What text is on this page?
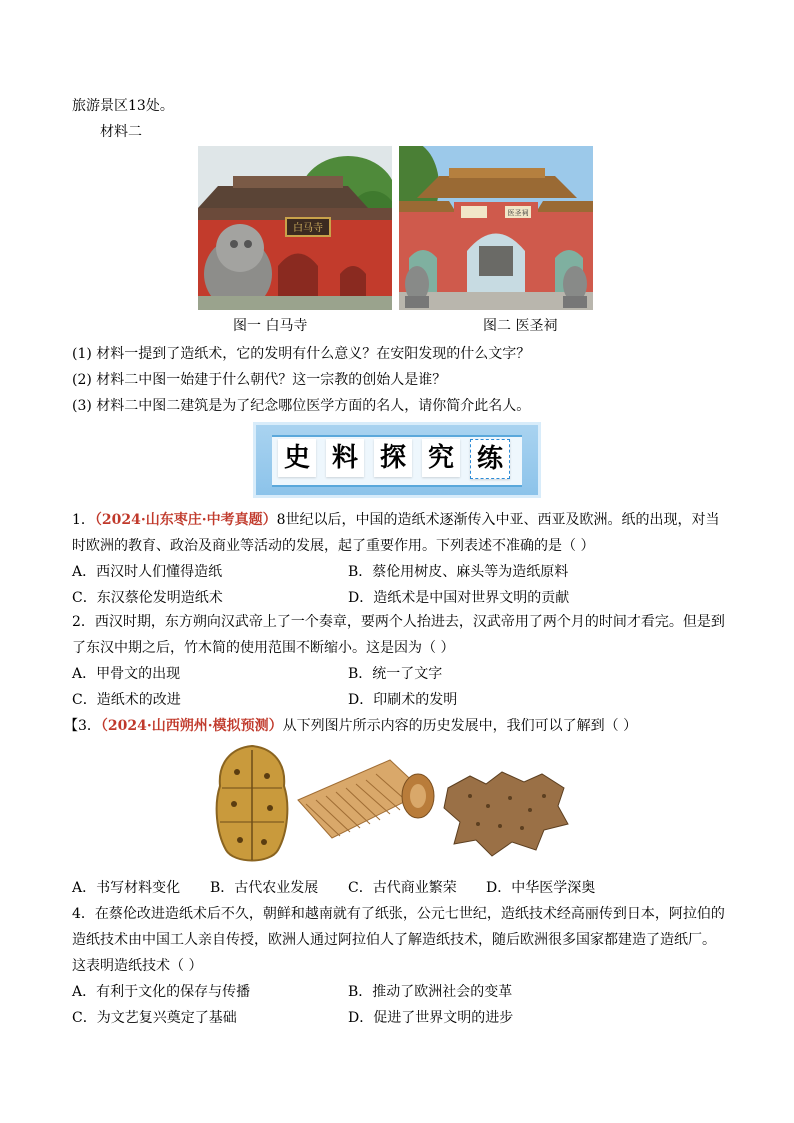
旅游景区13处。
材料二
白马寺
图一 白马寺
医圣祠
图二 医圣祠
(1) 材料一提到了造纸术，它的发明有什么意义？在安阳发现的什么文字？
(2) 材料二中图一始建于什么朝代？这一宗教的创始人是谁？
(3) 材料二中图二建筑是为了纪念哪位医学方面的名人，请你简介此名人。
史 料 探 究 练
1．（2024·山东枣庄·中考真题）8世纪以后，中国的造纸术逐渐传入中亚、西亚及欧洲。纸的出现，对当
时欧洲的教育、政治及商业等活动的发展，起了重要作用。下列表述不准确的是（ ）
A．西汉时人们懂得造纸	B．蔡伦用树皮、麻头等为造纸原料
C．东汉蔡伦发明造纸术	D．造纸术是中国对世界文明的贡献
2．西汉时期，东方朔向汉武帝上了一个奏章，要两个人抬进去，汉武帝用了两个月的时间才看完。但是到
了东汉中期之后，竹木简的使用范围不断缩小。这是因为（ ）
A．甲骨文的出现	B．统一了文字
C．造纸术的改进	D．印刷术的发明
【3．（2024·山西朔州·模拟预测）从下列图片所示内容的历史发展中，我们可以了解到（ ）
A．书写材料变化 B．古代农业发展 C．古代商业繁荣 D．中华医学深奥
4．在蔡伦改进造纸术后不久，朝鲜和越南就有了纸张，公元七世纪，造纸技术经高丽传到日本，阿拉伯的
造纸技术由中国工人亲自传授，欧洲人通过阿拉伯人了解造纸技术，随后欧洲很多国家都建造了造纸厂。
这表明造纸技术（ ）
A．有利于文化的保存与传播	B．推动了欧洲社会的变革
C．为文艺复兴奠定了基础	D．促进了世界文明的进步
